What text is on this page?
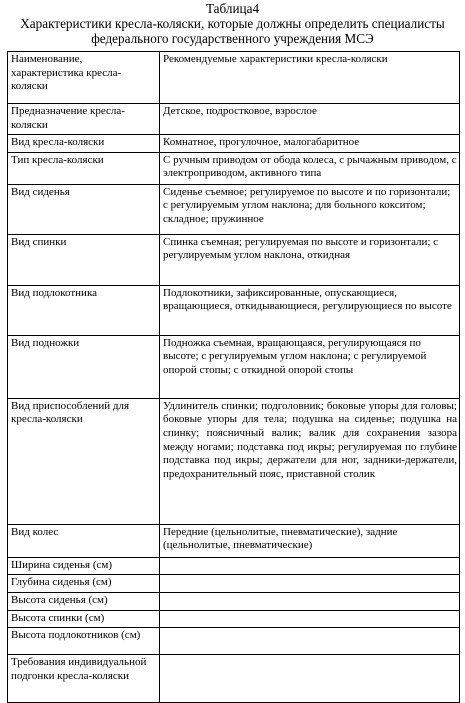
Таблица4
Характеристики кресла-коляски, которые должны определить специалисты
федерального государственного учреждения МСЭ
Наименование, характеристика кресла-коляски	Рекомендуемые характеристики кресла-коляски
Предназначение кресла-коляски	Детское, подростковое, взрослое
Вид кресла-коляски	Комнатное, прогулочное, малогабаритное
Тип кресла-коляски	С ручным приводом от обода колеса, с рычажным приводом, с электроприводом, активного типа
Вид сиденья	Сиденье съемное; регулируемое по высоте и по горизонтали; с регулируемым углом наклона; для больного кокситом; складное; пружинное
Вид спинки	Спинка съемная; регулируемая по высоте и горизонтали; с регулируемым углом наклона, откидная
Вид подлокотника	Подлокотники, зафиксированные, опускающиеся, вращающиеся, откидывающиеся, регулирующиеся по высоте
Вид подножки	Подножка съемная, вращающаяся, регулирующаяся по высоте; с регулируемым углом наклона; с регулируемой опорой стопы; с откидной опорой стопы
Вид приспособлений для кресла-коляски	Удлинитель спинки; подголовник; боковые упоры для головы; боковые упоры для тела; подушка на сиденье; подушка на спинку; поясничный валик; валик для сохранения зазора между ногами; подставка под икры; регулируемая по глубине подставка под икры; держатели для ног, задники-держатели, предохранительный пояс, приставной столик
Вид колес	Передние (цельнолитые, пневматические), задние (цельнолитые, пневматические)
Ширина сиденья (см)	
Глубина сиденья (см)	
Высота сиденья (см)	
Высота спинки (см)	
Высота подлокотников (см)	
Требования индивидуальной подгонки кресла-коляски	
